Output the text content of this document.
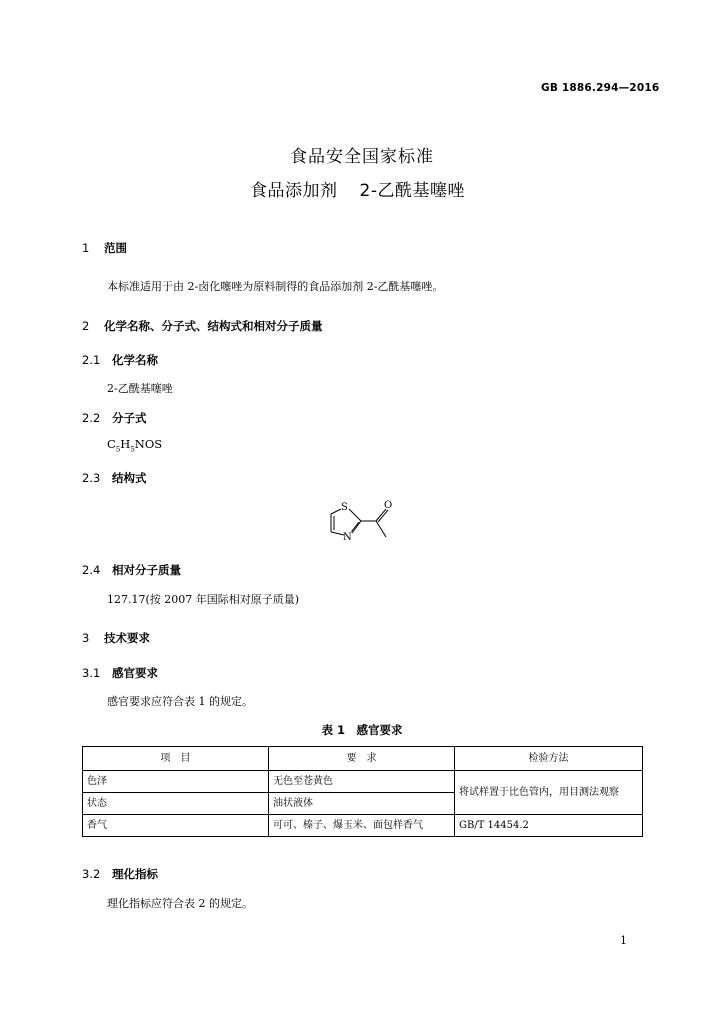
GB 1886.294—2016
食品安全国家标准
食品添加剂 2-乙酰基噻唑
1 范围
本标准适用于由 2-卤化噻唑为原料制得的食品添加剂 2-乙酰基噻唑。
2 化学名称、分子式、结构式和相对分子质量
2.1 化学名称
2-乙酰基噻唑
2.2 分子式
$C_5H_5NOS$
2.3 结构式
S
N
O
2.4 相对分子质量
127.17(按 2007 年国际相对原子质量)
3 技术要求
3.1 感官要求
感官要求应符合表 1 的规定。
表 1　感官要求
项　目	要　求	检验方法
色泽	无色至苍黄色	将试样置于比色管内，用目测法观察
状态	油状液体	
香气	可可、榛子、爆玉米、面包样香气	GB/T 14454.2
3.2 理化指标
理化指标应符合表 2 的规定。
1
